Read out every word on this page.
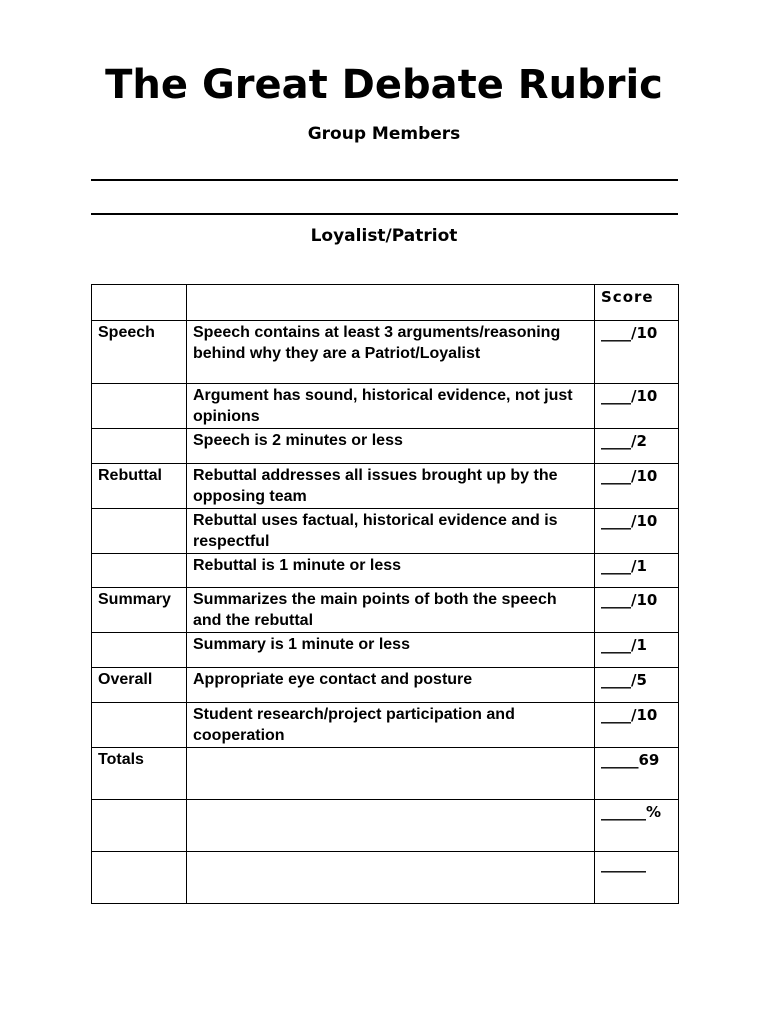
The Great Debate Rubric
Group Members
Loyalist/Patriot
		Score
Speech	Speech contains at least 3 arguments/reasoning behind why they are a Patriot/Loyalist	____/10
	Argument has sound, historical evidence, not just opinions	____/10
	Speech is 2 minutes or less	____/2
Rebuttal	Rebuttal addresses all issues brought up by the opposing team	____/10
	Rebuttal uses factual, historical evidence and is respectful	____/10
	Rebuttal is 1 minute or less	____/1
Summary	Summarizes the main points of both the speech and the rebuttal	____/10
	Summary is 1 minute or less	____/1
Overall	Appropriate eye contact and posture	____/5
	Student research/project participation and cooperation	____/10
Totals		_____69
		______%
		______
